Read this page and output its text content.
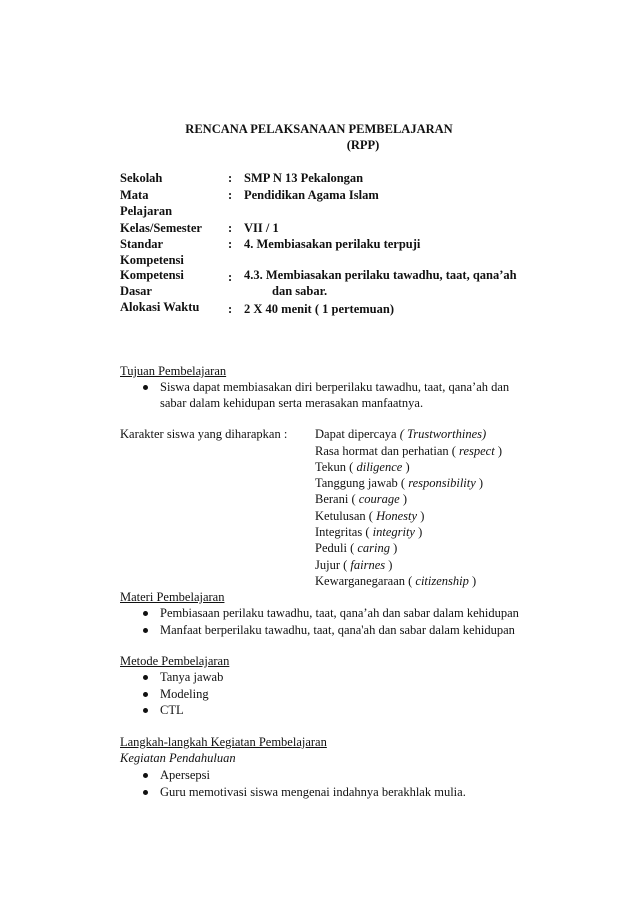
RENCANA PELAKSANAAN PEMBELAJARAN
(RPP)
Sekolah	: SMP N 13 Pekalongan
Mata
Pelajaran
: Pendidikan Agama Islam
Kelas/Semester : VII / 1
Standar
Kompetensi
: 4. Membiasakan perilaku terpuji
Kompetensi
Dasar
: 4.3. Membiasakan perilaku tawadhu, taat, qana’ah
dan sabar.
Alokasi Waktu : 2 X 40 menit ( 1 pertemuan)
Tujuan Pembelajaran
Siswa dapat membiasakan diri berperilaku tawadhu, taat, qana’ah dan
sabar dalam kehidupan serta merasakan manfaatnya.
Karakter siswa yang diharapkan : Dapat dipercaya ( Trustworthines)
Rasa hormat dan perhatian ( respect )
Tekun ( diligence )
Tanggung jawab ( responsibility )
Berani ( courage )
Ketulusan ( Honesty )
Integritas ( integrity )
Peduli ( caring )
Jujur ( fairnes )
Kewarganegaraan ( citizenship )
Materi Pembelajaran
Pembiasaan perilaku tawadhu, taat, qana’ah dan sabar dalam kehidupan
Manfaat berperilaku tawadhu, taat, qana'ah dan sabar dalam kehidupan
Metode Pembelajaran
Tanya jawab
Modeling
CTL
Langkah-langkah Kegiatan Pembelajaran
Kegiatan Pendahuluan
Apersepsi
Guru memotivasi siswa mengenai indahnya berakhlak mulia.
